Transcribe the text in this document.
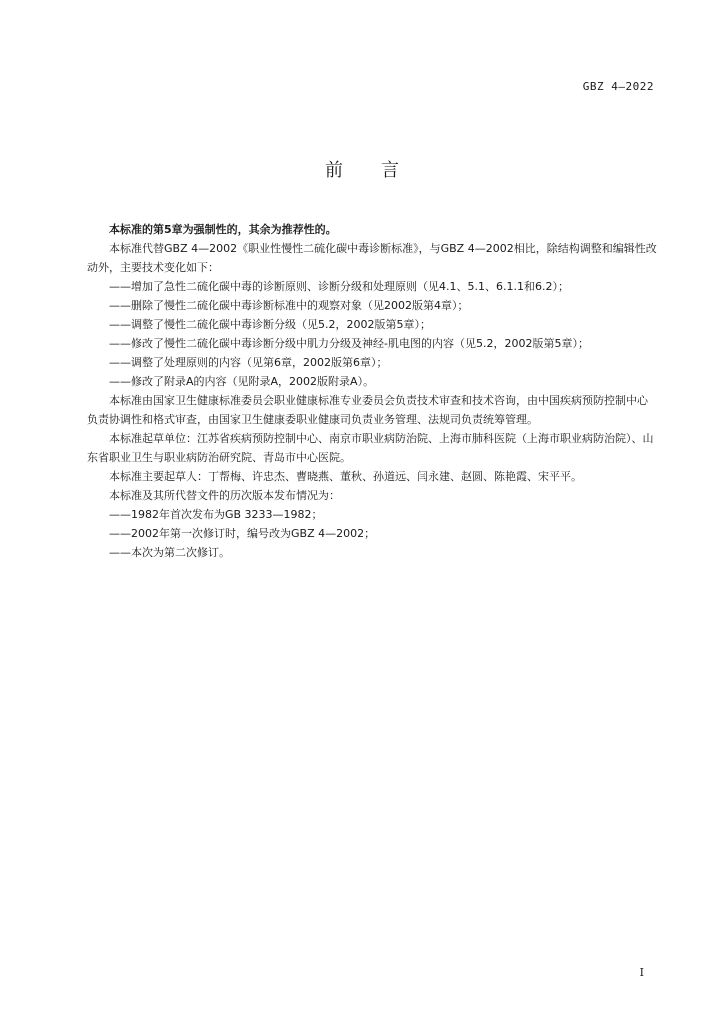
GBZ 4—2022
前 言

本标准的第5章为强制性的，其余为推荐性的。

本标准代替GBZ 4—2002《职业性慢性二硫化碳中毒诊断标准》，与GBZ 4—2002相比，除结构调整和编辑性改动外，主要技术变化如下：

——增加了急性二硫化碳中毒的诊断原则、诊断分级和处理原则（见4.1、5.1、6.1.1和6.2）；

——删除了慢性二硫化碳中毒诊断标准中的观察对象（见2002版第4章）；

——调整了慢性二硫化碳中毒诊断分级（见5.2，2002版第5章）；

——修改了慢性二硫化碳中毒诊断分级中肌力分级及神经-肌电图的内容（见5.2，2002版第5章）；

——调整了处理原则的内容（见第6章，2002版第6章）；

——修改了附录A的内容（见附录A，2002版附录A）。

本标准由国家卫生健康标准委员会职业健康标准专业委员会负责技术审查和技术咨询，由中国疾病预防控制中心负责协调性和格式审查，由国家卫生健康委职业健康司负责业务管理、法规司负责统筹管理。

本标准起草单位：江苏省疾病预防控制中心、南京市职业病防治院、上海市肺科医院（上海市职业病防治院）、山东省职业卫生与职业病防治研究院、青岛市中心医院。

本标准主要起草人：丁帮梅、许忠杰、曹晓燕、董秋、孙道远、闫永建、赵圆、陈艳霞、宋平平。

本标准及其所代替文件的历次版本发布情况为：

——1982年首次发布为GB 3233—1982；

——2002年第一次修订时，编号改为GBZ 4—2002；

——本次为第二次修订。

I
